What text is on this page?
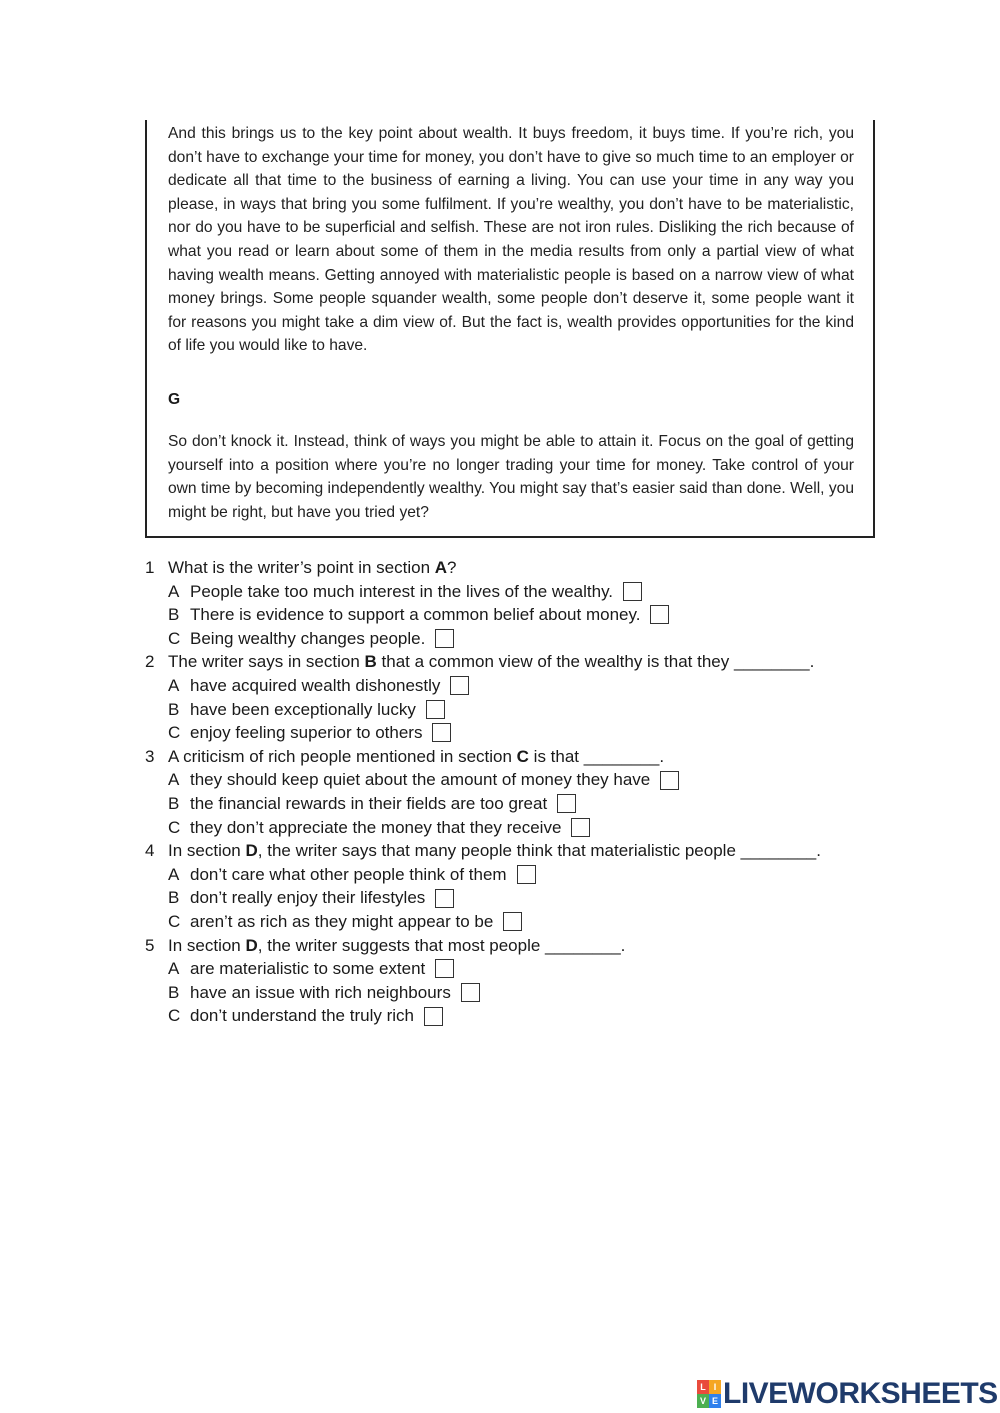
And this brings us to the key point about wealth. It buys freedom, it buys time. If you’re rich, you don’t have to exchange your time for money, you don’t have to give so much time to an employer or dedicate all that time to the business of earning a living. You can use your time in any way you please, in ways that bring you some fulfilment. If you’re wealthy, you don’t have to be materialistic, nor do you have to be superficial and selfish. These are not iron rules. Disliking the rich because of what you read or learn about some of them in the media results from only a partial view of what having wealth means. Getting annoyed with materialistic people is based on a narrow view of what money brings. Some people squander wealth, some people don’t deserve it, some people want it for reasons you might take a dim view of. But the fact is, wealth provides opportunities for the kind of life you would like to have.

G

So don’t knock it. Instead, think of ways you might be able to attain it. Focus on the goal of getting yourself into a position where you’re no longer trading your time for money. Take control of your own time by becoming independently wealthy. You might say that’s easier said than done. Well, you might be right, but have you tried yet?

1 What is the writer’s point in section A?
A People take too much interest in the lives of the wealthy.
B There is evidence to support a common belief about money.
C Being wealthy changes people.
2 The writer says in section B that a common view of the wealthy is that they ________.
A have acquired wealth dishonestly
B have been exceptionally lucky
C enjoy feeling superior to others
3 A criticism of rich people mentioned in section C is that ________.
A they should keep quiet about the amount of money they have
B the financial rewards in their fields are too great
C they don’t appreciate the money that they receive
4 In section D, the writer says that many people think that materialistic people ________.
A don’t care what other people think of them
B don’t really enjoy their lifestyles
C aren’t as rich as they might appear to be
5 In section D, the writer suggests that most people ________.
A are materialistic to some extent
B have an issue with rich neighbours
C don’t understand the truly rich
L I
V E LIVEWORKSHEETS
